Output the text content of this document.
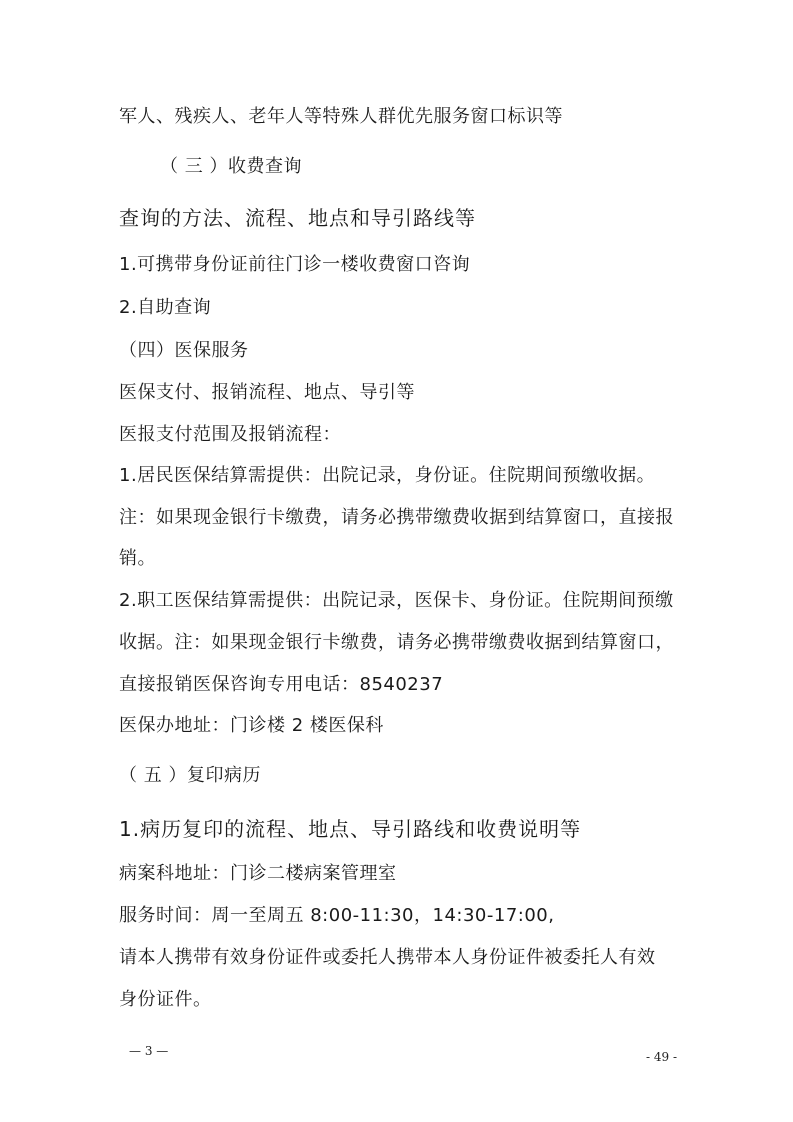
军人、残疾人、老年人等特殊人群优先服务窗口标识等
（ 三 ）收费查询
查询的方法、流程、地点和导引路线等
1.可携带身份证前往门诊一楼收费窗口咨询
2.自助查询
（四）医保服务
医保支付、报销流程、地点、导引等
医报支付范围及报销流程：
1.居民医保结算需提供：出院记录，身份证。住院期间预缴收据。
注：如果现金银行卡缴费，请务必携带缴费收据到结算窗口，直接报
销。
2.职工医保结算需提供：出院记录，医保卡、身份证。住院期间预缴
收据。注：如果现金银行卡缴费，请务必携带缴费收据到结算窗口，
直接报销医保咨询专用电话：8540237
医保办地址：门诊楼 2 楼医保科
（ 五 ）复印病历
1.病历复印的流程、地点、导引路线和收费说明等
病案科地址：门诊二楼病案管理室
服务时间：周一至周五 8:00-11:30，14:30-17:00,
请本人携带有效身份证件或委托人携带本人身份证件被委托人有效
身份证件。
— 3 —	- 49 -
